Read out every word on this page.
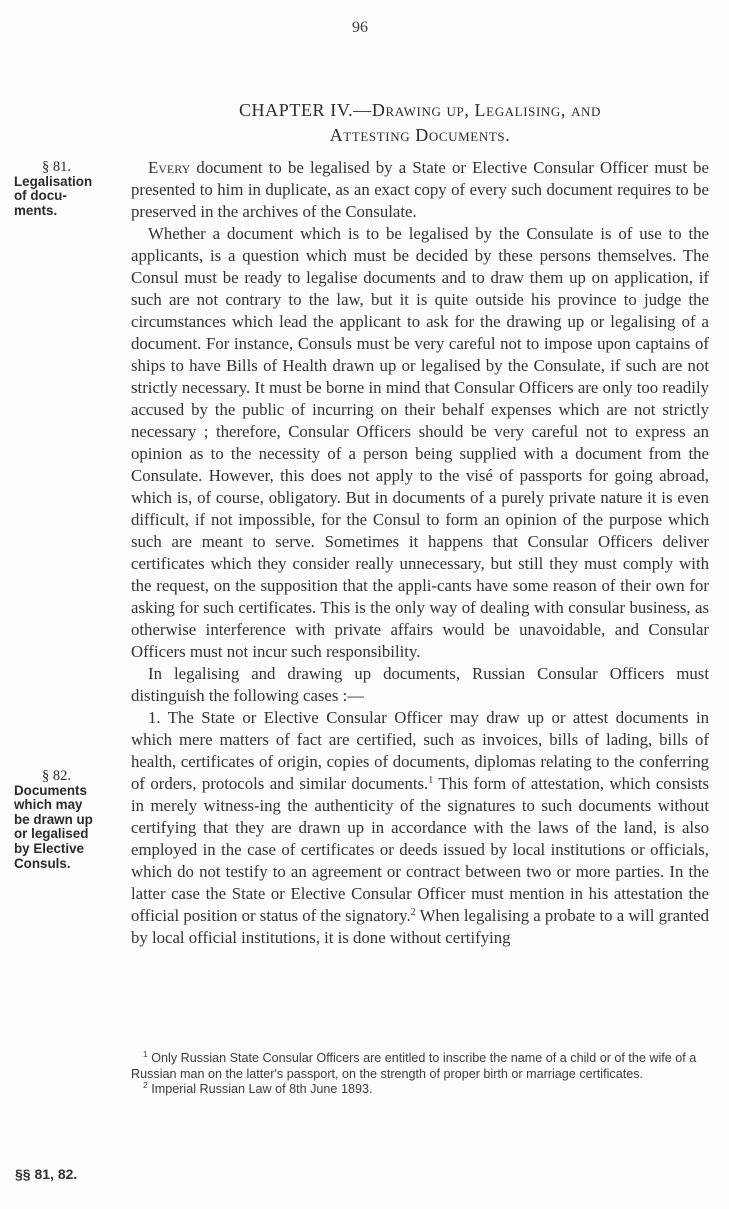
96
CHAPTER IV.—Drawing up, Legalising, and
Attesting Documents.
§ 81.
Legalisation
of docu-
ments.
§ 82.
Documents
which may
be drawn up
or legalised
by Elective
Consuls.

Every document to be legalised by a State or Elective Consular Officer must be presented to him in duplicate, as an exact copy of every such document requires to be preserved in the archives of the Consulate.

Whether a document which is to be legalised by the Consulate is of use to the applicants, is a question which must be decided by these persons themselves. The Consul must be ready to legalise documents and to draw them up on application, if such are not contrary to the law, but it is quite outside his province to judge the circumstances which lead the applicant to ask for the drawing up or legalising of a document. For instance, Consuls must be very careful not to impose upon captains of ships to have Bills of Health drawn up or legalised by the Consulate, if such are not strictly necessary. It must be borne in mind that Consular Officers are only too readily accused by the public of incurring on their behalf expenses which are not strictly necessary ; therefore, Consular Officers should be very careful not to express an opinion as to the necessity of a person being supplied with a document from the Consulate. However, this does not apply to the visé of passports for going abroad, which is, of course, obligatory. But in documents of a purely private nature it is even difficult, if not impossible, for the Consul to form an opinion of the purpose which such are meant to serve. Sometimes it happens that Consular Officers deliver certificates which they consider really unnecessary, but still they must comply with the request, on the supposition that the appli-cants have some reason of their own for asking for such certificates. This is the only way of dealing with consular business, as otherwise interference with private affairs would be unavoidable, and Consular Officers must not incur such responsibility.

In legalising and drawing up documents, Russian Consular Officers must distinguish the following cases :—

1. The State or Elective Consular Officer may draw up or attest documents in which mere matters of fact are certified, such as invoices, bills of lading, bills of health, certificates of origin, copies of documents, diplomas relating to the conferring of orders, protocols and similar documents.$^1$ This form of attestation, which consists in merely witness-ing the authenticity of the signatures to such documents without certifying that they are drawn up in accordance with the laws of the land, is also employed in the case of certificates or deeds issued by local institutions or officials, which do not testify to an agreement or contract between two or more parties. In the latter case the State or Elective Consular Officer must mention in his attestation the official position or status of the signatory.$^2$ When legalising a probate to a will granted by local official institutions, it is done without certifying

$^1$ Only Russian State Consular Officers are entitled to inscribe the name of a child or of the wife of a Russian man on the latter's passport, on the strength of proper birth or marriage certificates.

$^2$ Imperial Russian Law of 8th June 1893.

§§ 81, 82.
